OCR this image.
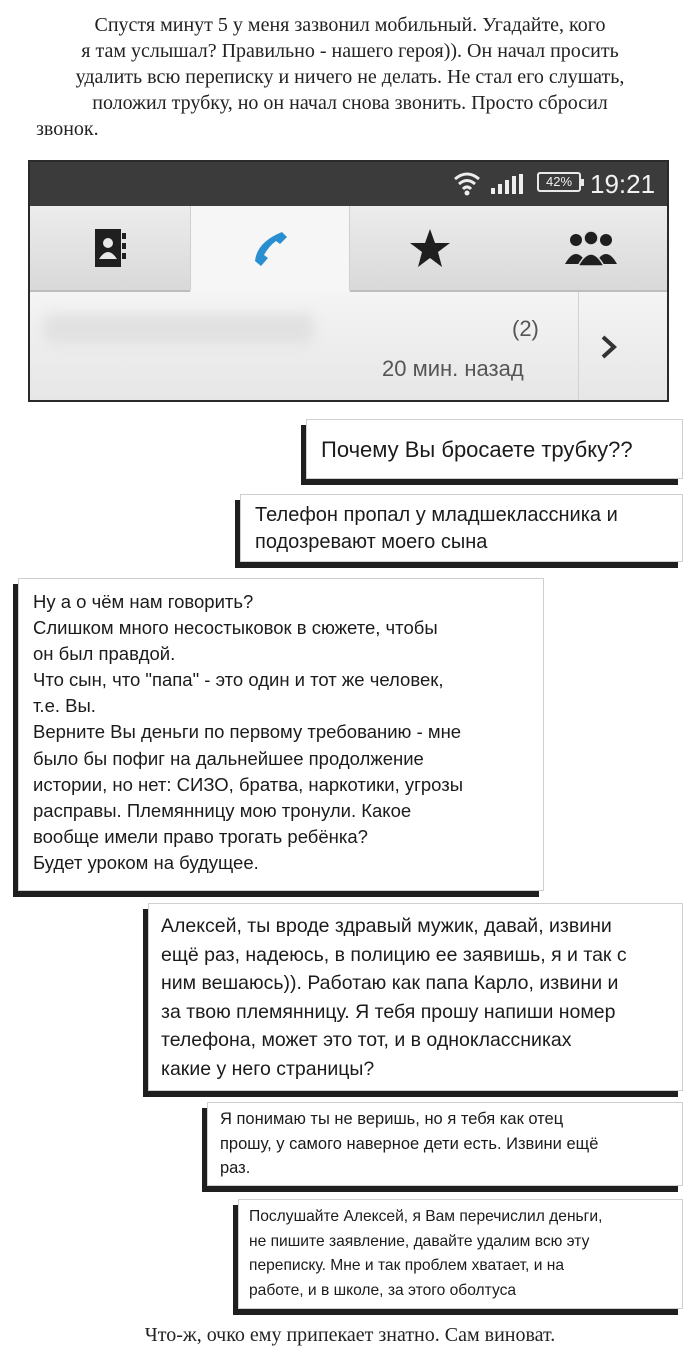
Спустя минут 5 у меня зазвонил мобильный. Угадайте, кого
я там услышал? Правильно - нашего героя)). Он начал просить
удалить всю переписку и ничего не делать. Не стал его слушать,
положил трубку, но он начал снова звонить. Просто сбросил
звонок.
42% 19:21
(2)
20 мин. назад
Почему Вы бросаете трубку??
Телефон пропал у младшеклассника и
подозревают моего сына
Ну а о чём нам говорить?
Слишком много несостыковок в сюжете, чтобы
он был правдой.
Что сын, что "папа" - это один и тот же человек,
т.е. Вы.
Верните Вы деньги по первому требованию - мне
было бы пофиг на дальнейшее продолжение
истории, но нет: СИЗО, братва, наркотики, угрозы
расправы. Племянницу мою тронули. Какое
вообще имели право трогать ребёнка?
Будет уроком на будущее.
Алексей, ты вроде здравый мужик, давай, извини
ещё раз, надеюсь, в полицию ее заявишь, я и так с
ним вешаюсь)). Работаю как папа Карло, извини и
за твою племянницу. Я тебя прошу напиши номер
телефона, может это тот, и в одноклассниках
какие у него страницы?
Я понимаю ты не веришь, но я тебя как отец
прошу, у самого наверное дети есть. Извини ещё
раз.
Послушайте Алексей, я Вам перечислил деньги,
не пишите заявление, давайте удалим всю эту
переписку. Мне и так проблем хватает, и на
работе, и в школе, за этого оболтуса
Что-ж, очко ему припекает знатно. Сам виноват.
